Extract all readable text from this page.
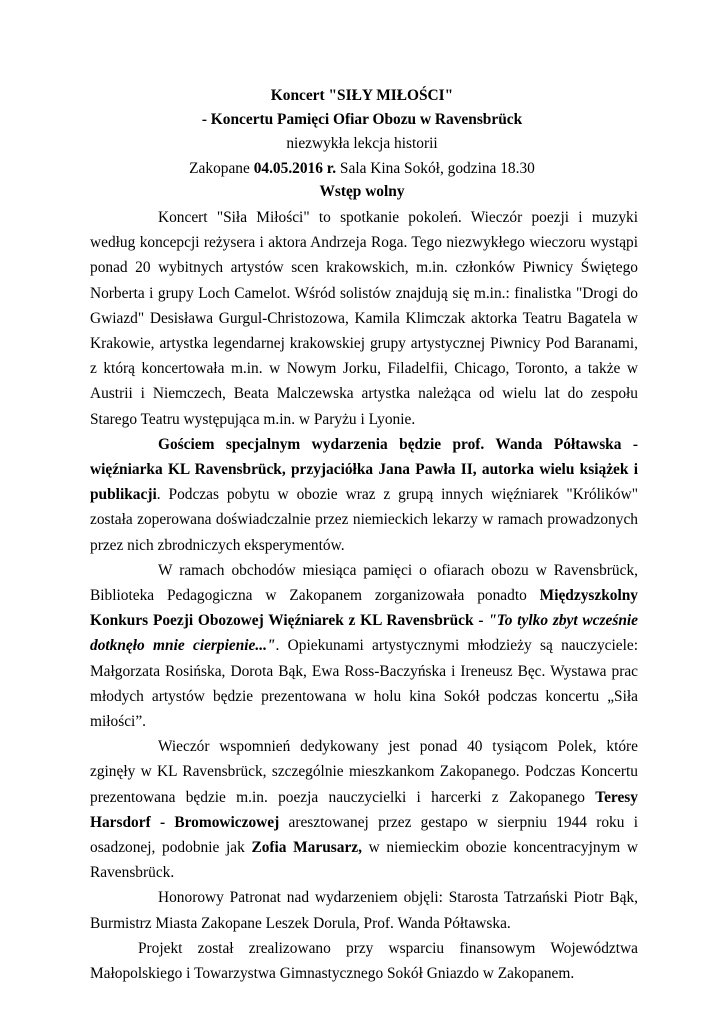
Koncert "SIŁY MIŁOŚCI"
- Koncertu Pamięci Ofiar Obozu w Ravensbrück
niezwykła lekcja historii
Zakopane 04.05.2016 r. Sala Kina Sokół, godzina 18.30
Wstęp wolny

Koncert "Siła Miłości" to spotkanie pokoleń. Wieczór poezji i muzyki według koncepcji reżysera i aktora Andrzeja Roga. Tego niezwykłego wieczoru wystąpi ponad 20 wybitnych artystów scen krakowskich, m.in. członków Piwnicy Świętego Norberta i grupy Loch Camelot. Wśród solistów znajdują się m.in.: finalistka "Drogi do Gwiazd" Desisława Gurgul-Christozowa, Kamila Klimczak aktorka Teatru Bagatela w Krakowie, artystka legendarnej krakowskiej grupy artystycznej Piwnicy Pod Baranami, z którą koncertowała m.in. w Nowym Jorku, Filadelfii, Chicago, Toronto, a także w Austrii i Niemczech, Beata Malczewska artystka należąca od wielu lat do zespołu Starego Teatru występująca m.in. w Paryżu i Lyonie.

Gościem specjalnym wydarzenia będzie prof. Wanda Półtawska - więźniarka KL Ravensbrück, przyjaciółka Jana Pawła II, autorka wielu książek i publikacji. Podczas pobytu w obozie wraz z grupą innych więźniarek "Królików" została zoperowana doświadczalnie przez niemieckich lekarzy w ramach prowadzonych przez nich zbrodniczych eksperymentów.

W ramach obchodów miesiąca pamięci o ofiarach obozu w Ravensbrück, Biblioteka Pedagogiczna w Zakopanem zorganizowała ponadto Międzyszkolny Konkurs Poezji Obozowej Więźniarek z KL Ravensbrück - "To tylko zbyt wcześnie dotknęło mnie cierpienie...". Opiekunami artystycznymi młodzieży są nauczyciele: Małgorzata Rosińska, Dorota Bąk, Ewa Ross-Baczyńska i Ireneusz Bęc. Wystawa prac młodych artystów będzie prezentowana w holu kina Sokół podczas koncertu „Siła miłości”.

Wieczór wspomnień dedykowany jest ponad 40 tysiącom Polek, które zginęły w KL Ravensbrück, szczególnie mieszkankom Zakopanego. Podczas Koncertu prezentowana będzie m.in. poezja nauczycielki i harcerki z Zakopanego Teresy Harsdorf - Bromowiczowej aresztowanej przez gestapo w sierpniu 1944 roku i osadzonej, podobnie jak Zofia Marusarz, w niemieckim obozie koncentracyjnym w Ravensbrück.

Honorowy Patronat nad wydarzeniem objęli: Starosta Tatrzański Piotr Bąk, Burmistrz Miasta Zakopane Leszek Dorula, Prof. Wanda Półtawska.

Projekt został zrealizowano przy wsparciu finansowym Województwa Małopolskiego i Towarzystwa Gimnastycznego Sokół Gniazdo w Zakopanem.
